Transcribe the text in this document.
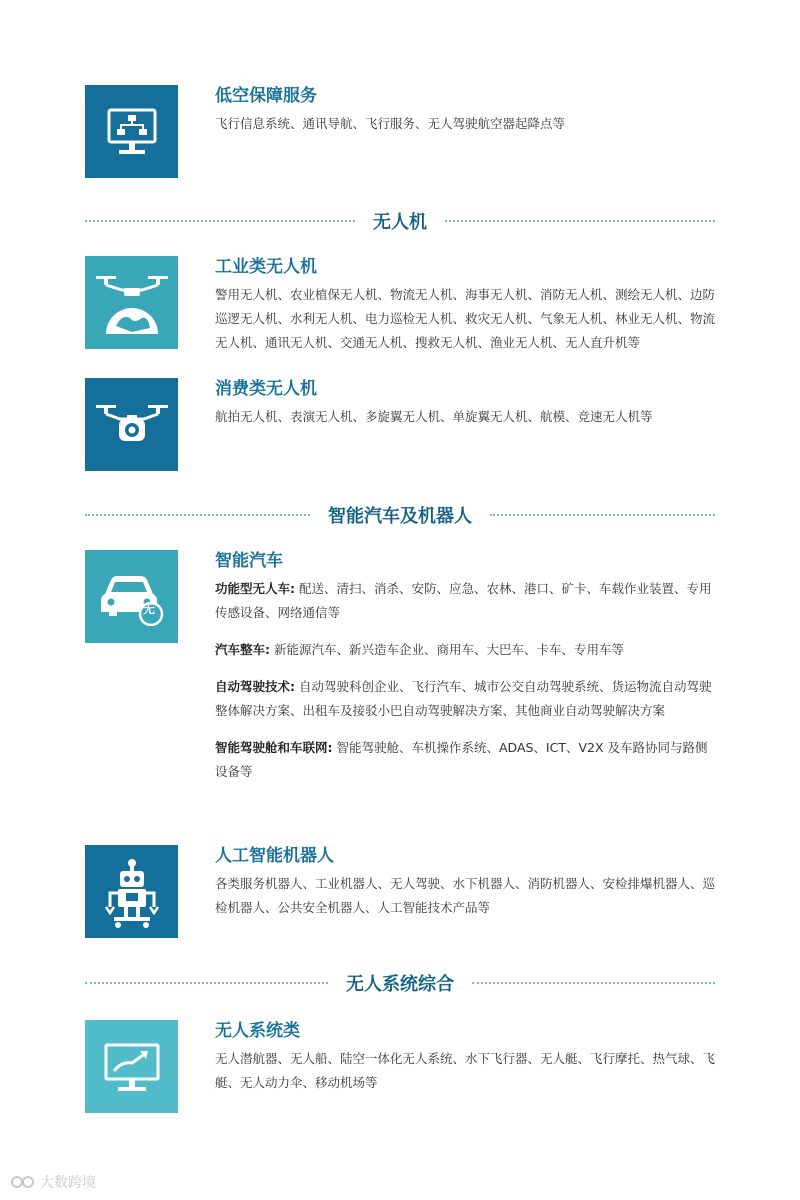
低空保障服务
飞行信息系统、通讯导航、飞行服务、无人驾驶航空器起降点等
无人机
工业类无人机
警用无人机、农业植保无人机、物流无人机、海事无人机、消防无人机、测绘无人机、边防巡逻无人机、水利无人机、电力巡检无人机、救灾无人机、气象无人机、林业无人机、物流无人机、通讯无人机、交通无人机、搜救无人机、渔业无人机、无人直升机等
消费类无人机
航拍无人机、表演无人机、多旋翼无人机、单旋翼无人机、航模、竞速无人机等
智能汽车及机器人
无
智能汽车
功能型无人车: 配送、清扫、消杀、安防、应急、农林、港口、矿卡、车载作业装置、专用传感设备、网络通信等
汽车整车: 新能源汽车、新兴造车企业、商用车、大巴车、卡车、专用车等
自动驾驶技术: 自动驾驶科创企业、飞行汽车、城市公交自动驾驶系统、货运物流自动驾驶整体解决方案、出租车及接驳小巴自动驾驶解决方案、其他商业自动驾驶解决方案
智能驾驶舱和车联网: 智能驾驶舱、车机操作系统、ADAS、ICT、V2X 及车路协同与路侧设备等
人工智能机器人
各类服务机器人、工业机器人、无人驾驶、水下机器人、消防机器人、安检排爆机器人、巡检机器人、公共安全机器人、人工智能技术产品等
无人系统综合
无人系统类
无人潜航器、无人船、陆空一体化无人系统、水下飞行器、无人艇、飞行摩托、热气球、飞艇、无人动力伞、移动机场等
大数跨境
